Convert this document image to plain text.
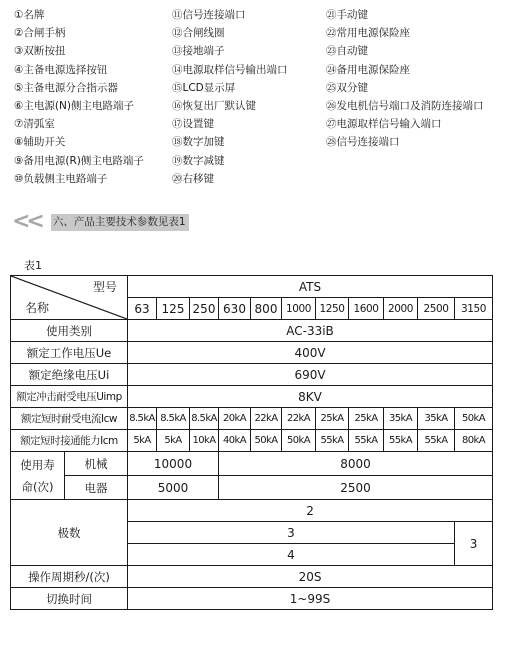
①名牌
②合闸手柄
③双断按扭
④主备电源选择按钮
⑤主备电源分合指示器
⑥主电源(N)侧主电路端子
⑦清弧室
⑧辅助开关
⑨备用电源(R)侧主电路端子
⑩负载侧主电路端子
⑪信号连接端口
⑫合闸线圈
⑬接地端子
⑭电源取样信号输出端口
⑮LCD显示屏
⑯恢复出厂默认键
⑰设置键
⑱数字加键
⑲数字减键
⑳右移键
㉑手动键
㉒常用电源保险座
㉓自动键
㉔备用电源保险座
㉕双分键
㉖发电机信号端口及消防连接端口
㉗电源取样信号输入端口
㉘信号连接端口
<< 六、产品主要技术参数见表1
表1
型号
名称		ATS										
		63	125	250	630	800	1000	1250	1600	2000	2500	3150
使用类别		AC-33iB										
额定工作电压Ue		400V										
额定绝缘电压Ui		690V										
额定冲击耐受电压Uimp		8KV										
额定短时耐受电流Icw		8.5kA	8.5kA	8.5kA	20kA	22kA	22kA	25kA	25kA	35kA	35kA	50kA
额定短时接通能力Icm		5kA	5kA	10kA	40kA	50kA	50kA	55kA	55kA	55kA	55kA	80kA
使用寿
命(次)	机械	10000			8000							
	电器	5000			2500							
极数		2										
		3										3
		4										
操作周期秒/(次)		20S										
切换时间		1~99S										
